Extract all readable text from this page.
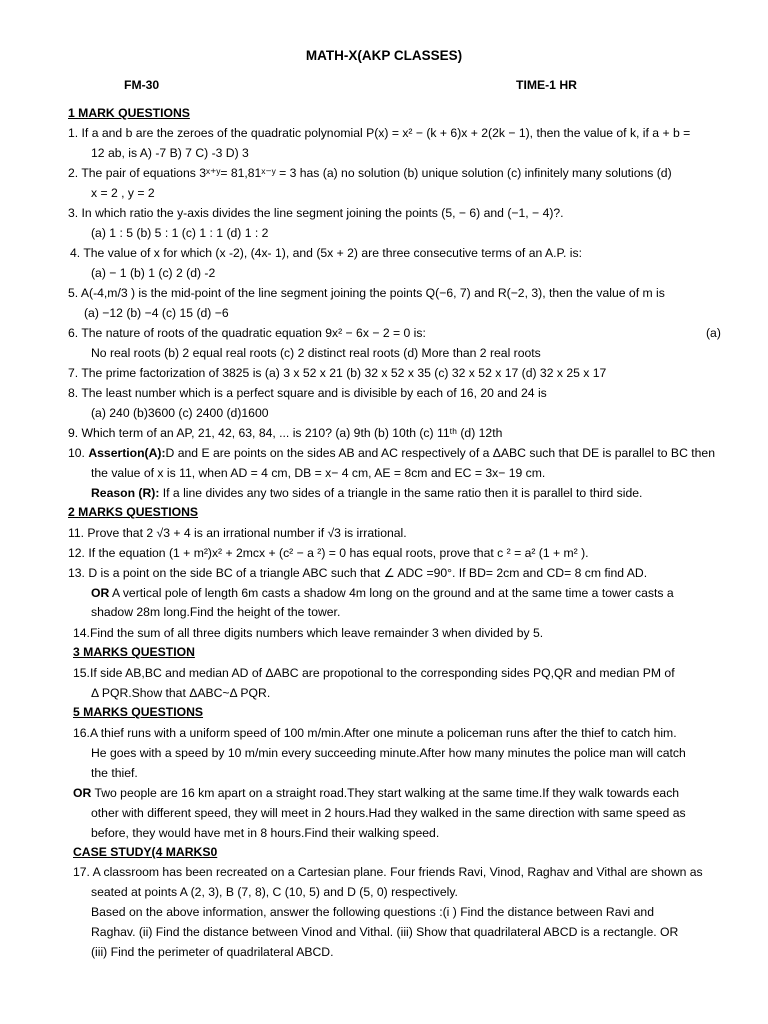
MATH-X(AKP CLASSES)
FM-30	TIME-1 HR
1 MARK QUESTIONS
1. If a and b are the zeroes of the quadratic polynomial P(x) = x² − (k + 6)x + 2(2k − 1), then the value of k, if a + b =
12 ab, is A) -7 B) 7 C) -3 D) 3
2. The pair of equations 3ˣ⁺ʸ= 81,81ˣ⁻ʸ = 3 has (a) no solution (b) unique solution (c) infinitely many solutions (d)
x = 2 , y = 2
3. In which ratio the y-axis divides the line segment joining the points (5, − 6) and (−1, − 4)?.
(a) 1 : 5 (b) 5 : 1 (c) 1 : 1 (d) 1 : 2
4. The value of x for which (x -2), (4x- 1), and (5x + 2) are three consecutive terms of an A.P. is:
(a) − 1 (b) 1 (c) 2 (d) -2
5. A(-4,m/3 ) is the mid-point of the line segment joining the points Q(−6, 7) and R(−2, 3), then the value of m is
(a) −12 (b) −4 (c) 15 (d) −6
6. The nature of roots of the quadratic equation 9x² − 6x − 2 = 0 is:	(a)
No real roots (b) 2 equal real roots (c) 2 distinct real roots (d) More than 2 real roots
7. The prime factorization of 3825 is (a) 3 x 52 x 21 (b) 32 x 52 x 35 (c) 32 x 52 x 17 (d) 32 x 25 x 17
8. The least number which is a perfect square and is divisible by each of 16, 20 and 24 is
(a) 240 (b)3600 (c) 2400 (d)1600
9. Which term of an AP, 21, 42, 63, 84, ... is 210? (a) 9th (b) 10th (c) 11ᵗʰ (d) 12th
10. Assertion(A):D and E are points on the sides AB and AC respectively of a ΔABC such that DE is parallel to BC then
the value of x is 11, when AD = 4 cm, DB = x− 4 cm, AE = 8cm and EC = 3x− 19 cm.
Reason (R): If a line divides any two sides of a triangle in the same ratio then it is parallel to third side.
2 MARKS QUESTIONS
11. Prove that 2 √3 + 4 is an irrational number if √3 is irrational.
12. If the equation (1 + m²)x² + 2mcx + (c² − a ²) = 0 has equal roots, prove that c ² = a² (1 + m² ).
13. D is a point on the side BC of a triangle ABC such that ∠ ADC =90°. If BD= 2cm and CD= 8 cm find AD.
OR A vertical pole of length 6m casts a shadow 4m long on the ground and at the same time a tower casts a
shadow 28m long.Find the height of the tower.
14.Find the sum of all three digits numbers which leave remainder 3 when divided by 5.
3 MARKS QUESTION
15.If side AB,BC and median AD of ΔABC are propotional to the corresponding sides PQ,QR and median PM of
Δ PQR.Show that ΔABC~Δ PQR.
5 MARKS QUESTIONS
16.A thief runs with a uniform speed of 100 m/min.After one minute a policeman runs after the thief to catch him.
He goes with a speed by 10 m/min every succeeding minute.After how many minutes the police man will catch
the thief.
OR Two people are 16 km apart on a straight road.They start walking at the same time.If they walk towards each
other with different speed, they will meet in 2 hours.Had they walked in the same direction with same speed as
before, they would have met in 8 hours.Find their walking speed.
CASE STUDY(4 MARKS0
17. A classroom has been recreated on a Cartesian plane. Four friends Ravi, Vinod, Raghav and Vithal are shown as
seated at points A (2, 3), B (7, 8), C (10, 5) and D (5, 0) respectively.
Based on the above information, answer the following questions :(i ) Find the distance between Ravi and
Raghav. (ii) Find the distance between Vinod and Vithal. (iii) Show that quadrilateral ABCD is a rectangle. OR
(iii) Find the perimeter of quadrilateral ABCD.
